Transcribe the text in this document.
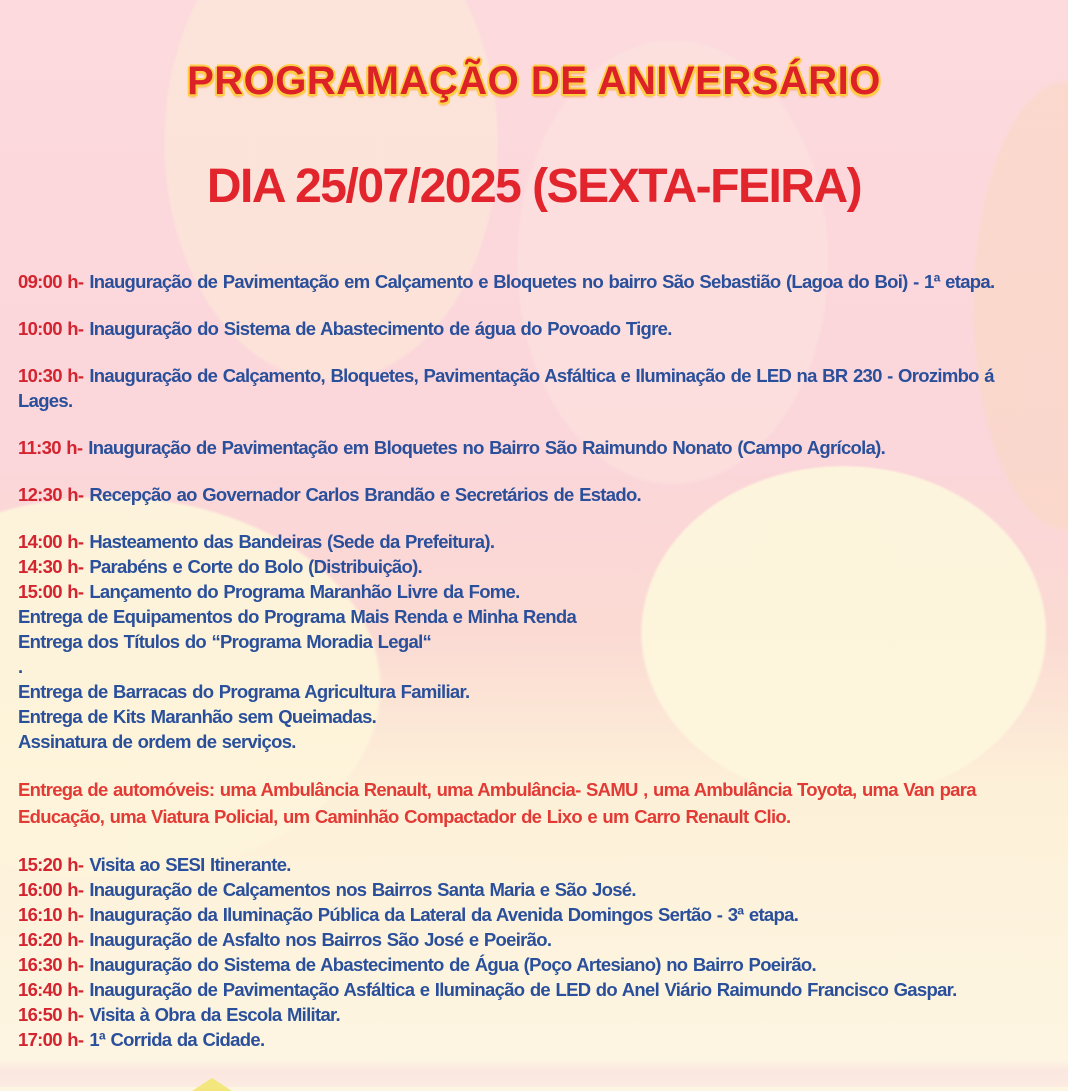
PROGRAMAÇÃO DE ANIVERSÁRIO
DIA 25/07/2025 (SEXTA-FEIRA)

09:00 h- Inauguração de Pavimentação em Calçamento e Bloquetes no bairro São Sebastião (Lagoa do Boi) - 1ª etapa.

10:00 h- Inauguração do Sistema de Abastecimento de água do Povoado Tigre.

10:30 h- Inauguração de Calçamento, Bloquetes, Pavimentação Asfáltica e Iluminação de LED na BR 230 - Orozimbo á Lages.

11:30 h- Inauguração de Pavimentação em Bloquetes no Bairro São Raimundo Nonato (Campo Agrícola).

12:30 h- Recepção ao Governador Carlos Brandão e Secretários de Estado.

14:00 h- Hasteamento das Bandeiras (Sede da Prefeitura).

14:30 h- Parabéns e Corte do Bolo (Distribuição).

15:00 h- Lançamento do Programa Maranhão Livre da Fome.

Entrega de Equipamentos do Programa Mais Renda e Minha Renda

Entrega dos Títulos do “Programa Moradia Legal“

.

Entrega de Barracas do Programa Agricultura Familiar.

Entrega de Kits Maranhão sem Queimadas.

Assinatura de ordem de serviços.

Entrega de automóveis: uma Ambulância Renault, uma Ambulância- SAMU , uma Ambulância Toyota, uma Van para Educação, uma Viatura Policial, um Caminhão Compactador de Lixo e um Carro Renault Clio.

15:20 h- Visita ao SESI Itinerante.

16:00 h- Inauguração de Calçamentos nos Bairros Santa Maria e São José.

16:10 h- Inauguração da Iluminação Pública da Lateral da Avenida Domingos Sertão - 3ª etapa.

16:20 h- Inauguração de Asfalto nos Bairros São José e Poeirão.

16:30 h- Inauguração do Sistema de Abastecimento de Água (Poço Artesiano) no Bairro Poeirão.

16:40 h- Inauguração de Pavimentação Asfáltica e Iluminação de LED do Anel Viário Raimundo Francisco Gaspar.

16:50 h- Visita à Obra da Escola Militar.

17:00 h- 1ª Corrida da Cidade.
